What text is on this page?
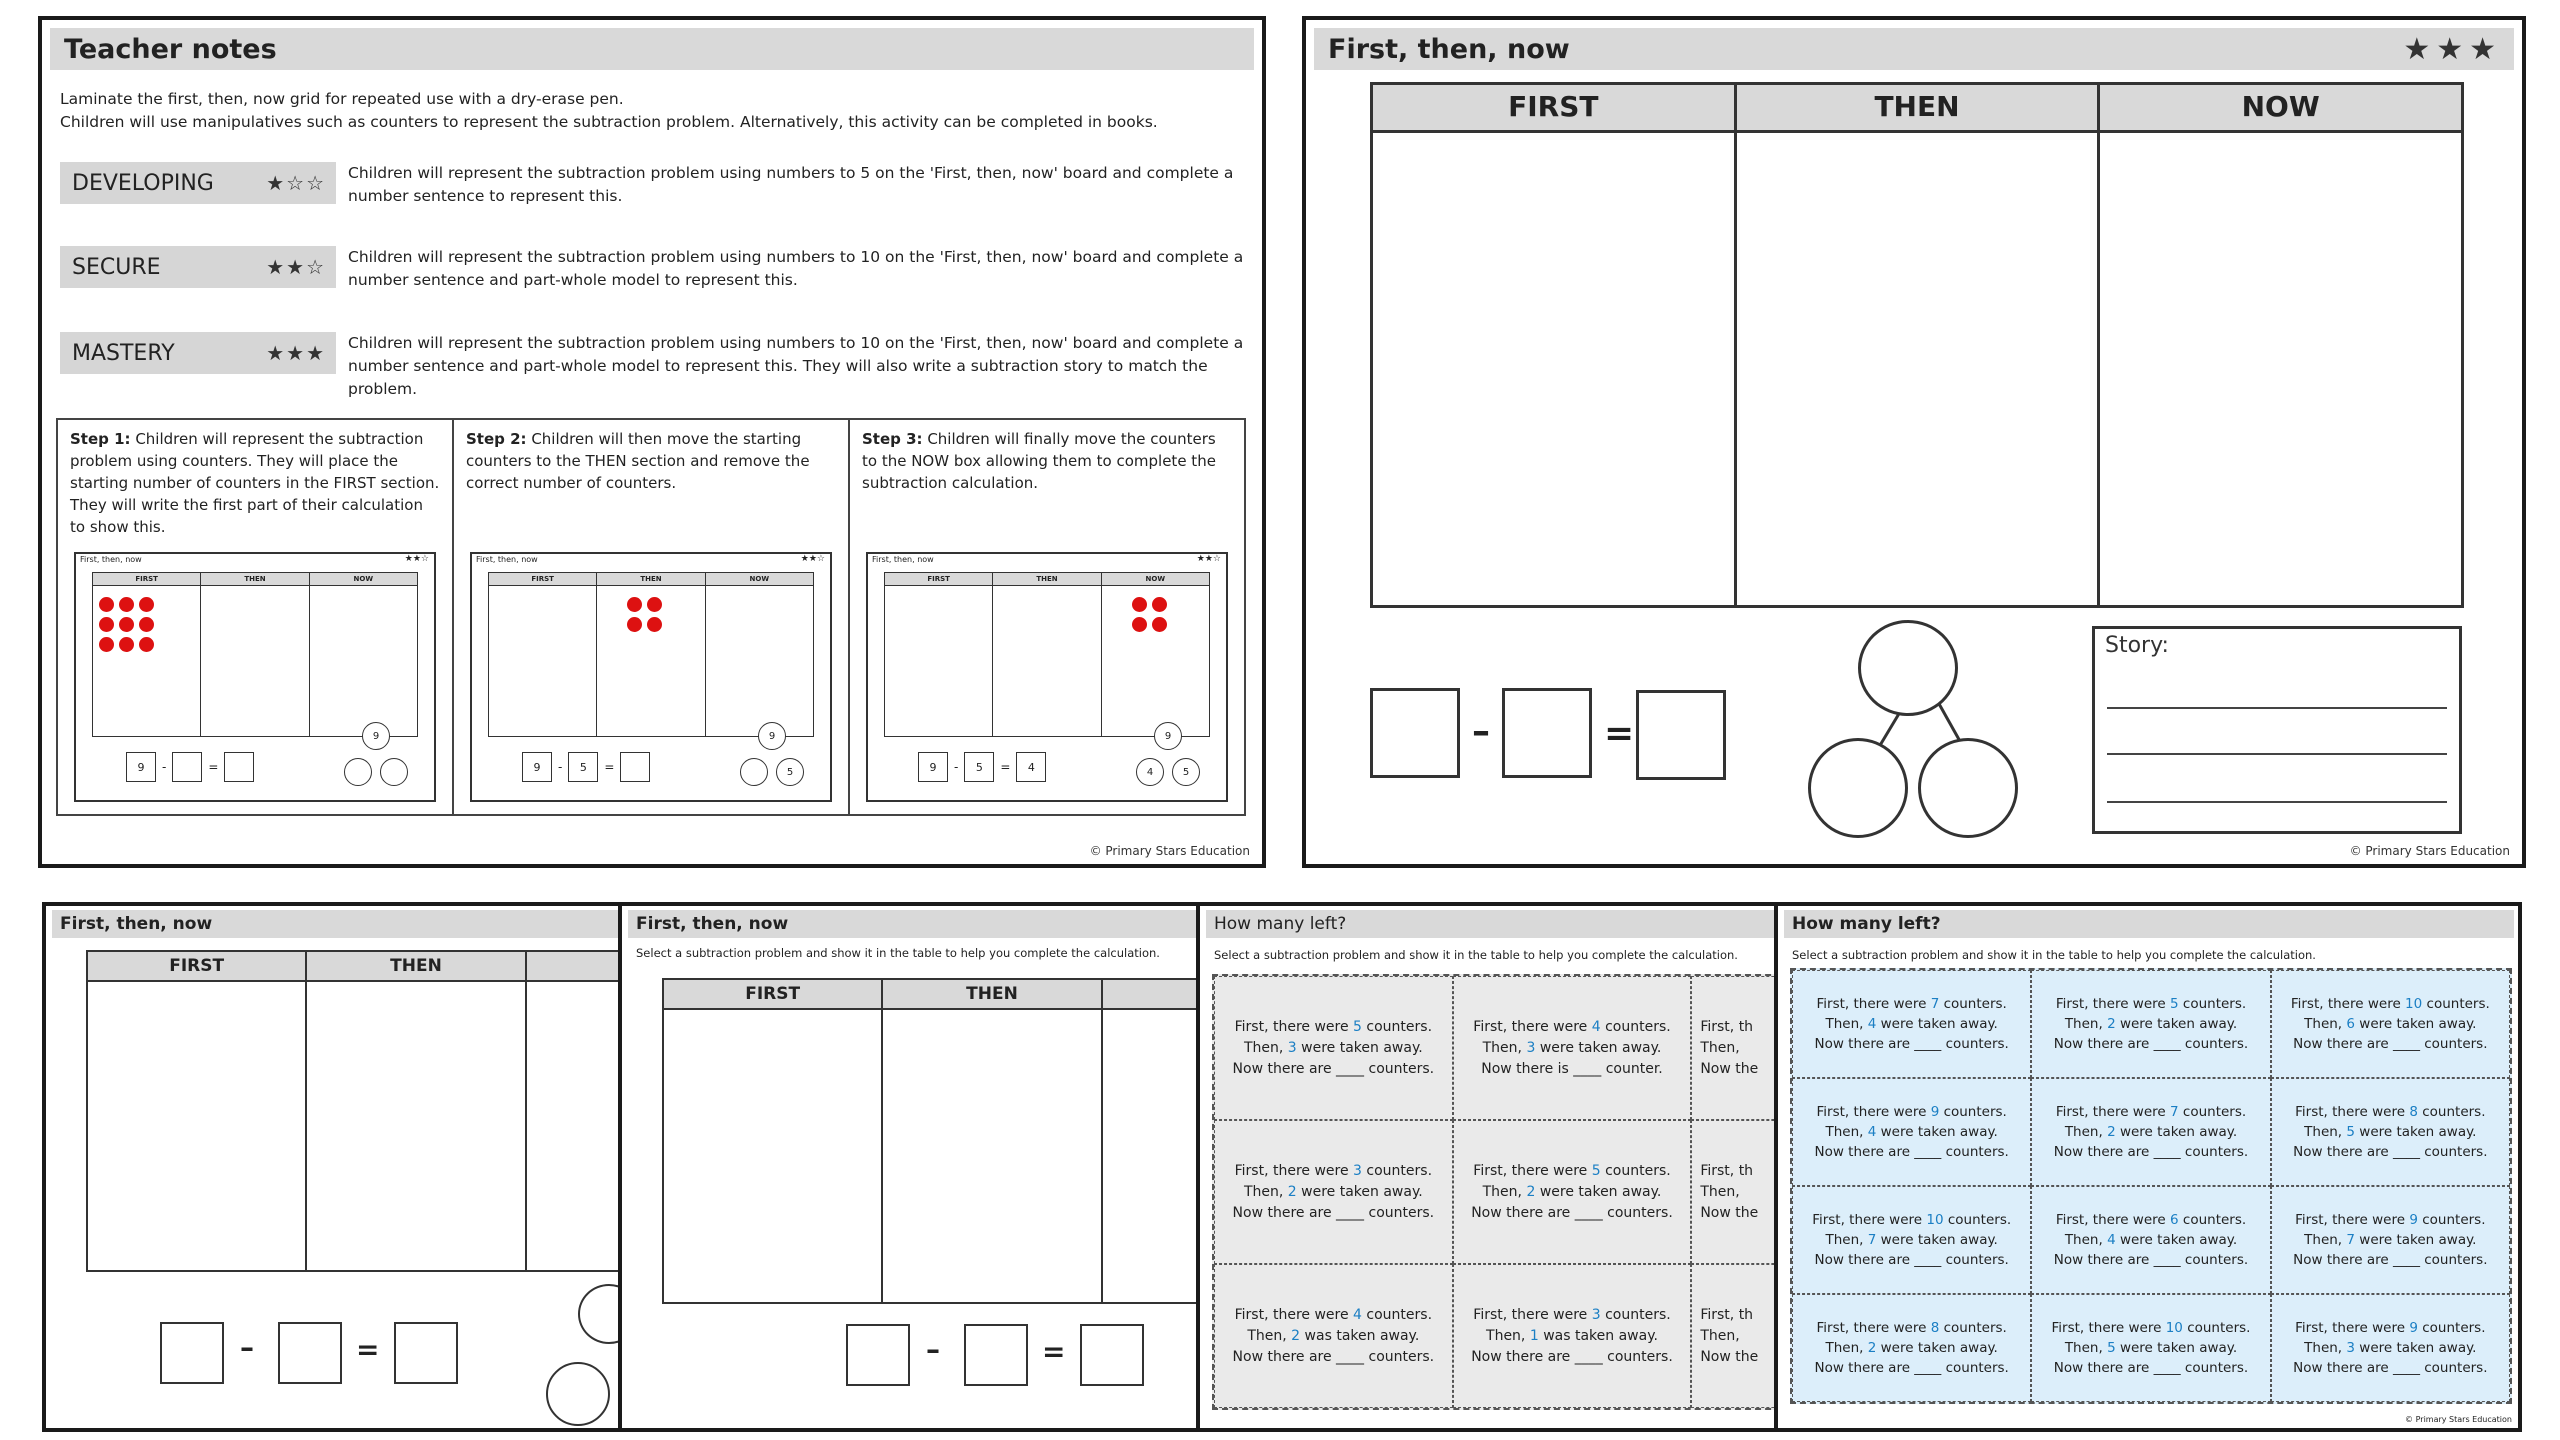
Teacher notes
Laminate the first, then, now grid for repeated use with a dry-erase pen.
Children will use manipulatives such as counters to represent the subtraction problem. Alternatively, this activity can be completed in books.
DEVELOPING	★☆☆ Children will represent the subtraction problem using numbers to 5 on the 'First, then, now' board and complete a number sentence to represent this.
SECURE	★★☆ Children will represent the subtraction problem using numbers to 10 on the 'First, then, now' board and complete a number sentence and part-whole model to represent this.
MASTERY	★★★ Children will represent the subtraction problem using numbers to 10 on the 'First, then, now' board and complete a number sentence and part-whole model to represent this. They will also write a subtraction story to match the problem.
Step 1: Children will represent the subtraction problem using counters. They will place the starting number of counters in the FIRST section. They will write the first part of their calculation to show this.
First, then, now	★★☆
FIRST	THEN	NOW
9	-	=
9
Step 2: Children will then move the starting counters to the THEN section and remove the correct number of counters.
First, then, now	★★☆
FIRST	THEN	NOW
9	-	5	=
9
5
Step 3: Children will finally move the counters to the NOW box allowing them to complete the subtraction calculation.
First, then, now	★★☆
FIRST	THEN	NOW
9	-	5	=	4
9
4	5
© Primary Stars Education
First, then, now	★★★
FIRST	THEN	NOW
–	=
Story:
© Primary Stars Education
First, then, now
FIRST	THEN
–	=
First, then, now
Select a subtraction problem and show it in the table to help you complete the calculation.
FIRST	THEN
–	=
How many left?
Select a subtraction problem and show it in the table to help you complete the calculation.
First, there were 5 counters.
Then, 3 were taken away.
Now there are ____ counters.
First, there were 4 counters.
Then, 3 were taken away.
Now there is ____ counter.
First, th
Then,
Now the
First, there were 3 counters.
Then, 2 were taken away.
Now there are ____ counters.
First, there were 5 counters.
Then, 2 were taken away.
Now there are ____ counters.
First, th
Then,
Now the
First, there were 4 counters.
Then, 2 was taken away.
Now there are ____ counters.
First, there were 3 counters.
Then, 1 was taken away.
Now there are ____ counters.
First, th
Then,
Now the
How many left?
Select a subtraction problem and show it in the table to help you complete the calculation.
First, there were 7 counters.
Then, 4 were taken away.
Now there are ____ counters.
First, there were 5 counters.
Then, 2 were taken away.
Now there are ____ counters.
First, there were 10 counters.
Then, 6 were taken away.
Now there are ____ counters.
First, there were 9 counters.
Then, 4 were taken away.
Now there are ____ counters.
First, there were 7 counters.
Then, 2 were taken away.
Now there are ____ counters.
First, there were 8 counters.
Then, 5 were taken away.
Now there are ____ counters.
First, there were 10 counters.
Then, 7 were taken away.
Now there are ____ counters.
First, there were 6 counters.
Then, 4 were taken away.
Now there are ____ counters.
First, there were 9 counters.
Then, 7 were taken away.
Now there are ____ counters.
First, there were 8 counters.
Then, 2 were taken away.
Now there are ____ counters.
First, there were 10 counters.
Then, 5 were taken away.
Now there are ____ counters.
First, there were 9 counters.
Then, 3 were taken away.
Now there are ____ counters.
© Primary Stars Education
